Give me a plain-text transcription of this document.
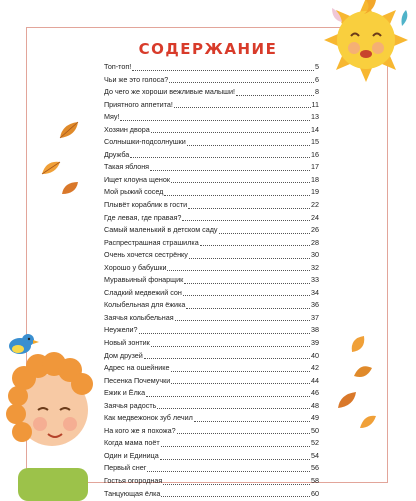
СОДЕРЖАНИЕ
Топ-топ!	5
Чьи же это голоса?	6
До чего же хороши вежливые малыши!	8
Приятного аппетита!	11
Мяу!	13
Хозяин двора	14
Солнышки-подсолнушки	15
Дружба	16
Такая яблоня	17
Ищет клоуна щенок	18
Мой рыжий сосед	19
Плывёт кораблик в гости	22
Где левая, где правая?	24
Самый маленький в детском саду	26
Распрестрашная страшилка	28
Очень хочется сестрёнку	30
Хорошо у бабушки	32
Муравьиный фонарщик	33
Сладкий медвежий сон	34
Колыбельная для ёжика	36
Заячья колыбельная	37
Неужели?	38
Новый зонтик	39
Дом друзей	40
Адрес на ошейнике	42
Песенка Почемучки	44
Ежик и Ёлка	46
Заячья радость	48
Как медвежонок зуб лечил	49
На кого же я похожа?	50
Когда мама поёт	52
Один и Единица	54
Первый снег	56
Гостья огородная	58
Танцующая ёлка	60
